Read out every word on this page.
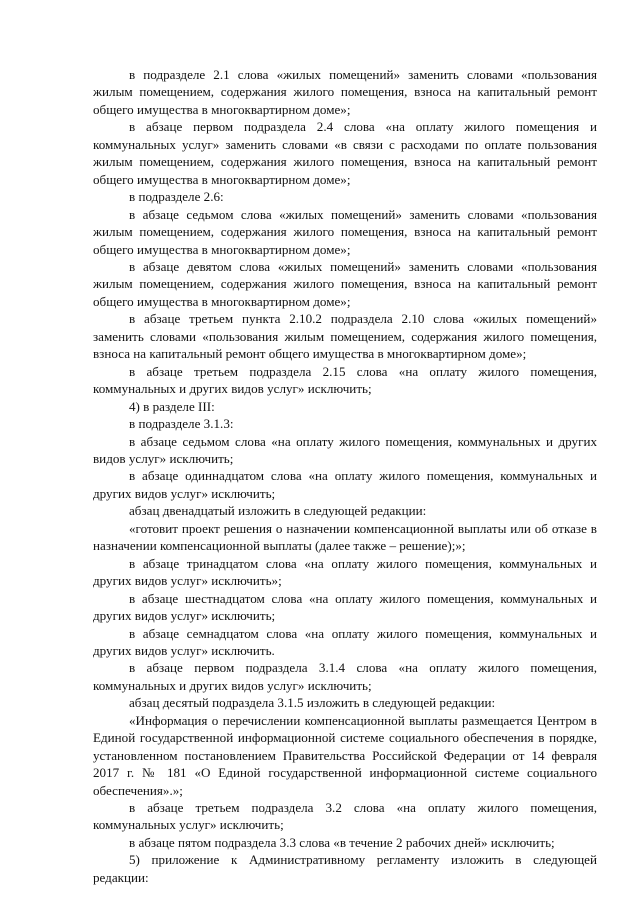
в подразделе 2.1 слова «жилых помещений» заменить словами «пользования жилым помещением, содержания жилого помещения, взноса на капитальный ремонт общего имущества в многоквартирном доме»;

в абзаце первом подраздела 2.4 слова «на оплату жилого помещения и коммунальных услуг» заменить словами «в связи с расходами по оплате пользования жилым помещением, содержания жилого помещения, взноса на капитальный ремонт общего имущества в многоквартирном доме»;

в подразделе 2.6:

в абзаце седьмом слова «жилых помещений» заменить словами «пользования жилым помещением, содержания жилого помещения, взноса на капитальный ремонт общего имущества в многоквартирном доме»;

в абзаце девятом слова «жилых помещений» заменить словами «пользования жилым помещением, содержания жилого помещения, взноса на капитальный ремонт общего имущества в многоквартирном доме»;

в абзаце третьем пункта 2.10.2 подраздела 2.10 слова «жилых помещений» заменить словами «пользования жилым помещением, содержания жилого помещения, взноса на капитальный ремонт общего имущества в многоквартирном доме»;

в абзаце третьем подраздела 2.15 слова «на оплату жилого помещения, коммунальных и других видов услуг» исключить;

4) в разделе III:

в подразделе 3.1.3:

в абзаце седьмом слова «на оплату жилого помещения, коммунальных и других видов услуг» исключить;

в абзаце одиннадцатом слова «на оплату жилого помещения, коммунальных и других видов услуг» исключить;

абзац двенадцатый изложить в следующей редакции:

«готовит проект решения о назначении компенсационной выплаты или об отказе в назначении компенсационной выплаты (далее также – решение);»;

в абзаце тринадцатом слова «на оплату жилого помещения, коммунальных и других видов услуг» исключить»;

в абзаце шестнадцатом слова «на оплату жилого помещения, коммунальных и других видов услуг» исключить;

в абзаце семнадцатом слова «на оплату жилого помещения, коммунальных и других видов услуг» исключить.

в абзаце первом подраздела 3.1.4 слова «на оплату жилого помещения, коммунальных и других видов услуг» исключить;

абзац десятый подраздела 3.1.5 изложить в следующей редакции:

«Информация о перечислении компенсационной выплаты размещается Центром в Единой государственной информационной системе социального обеспечения в порядке, установленном постановлением Правительства Российской Федерации от 14 февраля 2017 г. № 181 «О Единой государственной информационной системе социального обеспечения».»;

в абзаце третьем подраздела 3.2 слова «на оплату жилого помещения, коммунальных услуг» исключить;

в абзаце пятом подраздела 3.3 слова «в течение 2 рабочих дней» исключить;

5) приложение к Административному регламенту изложить в следующей редакции:
